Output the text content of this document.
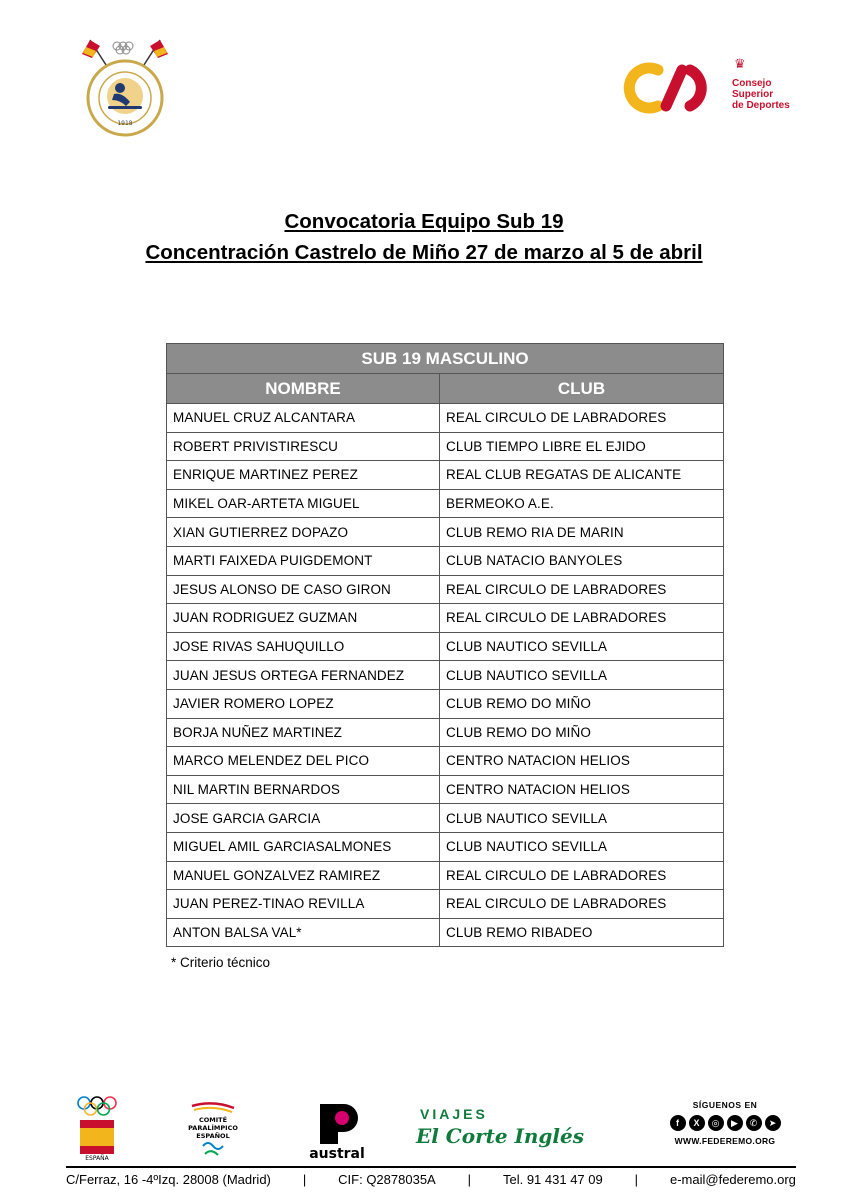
1918
♛
Consejo
Superior
de Deportes
Convocatoria Equipo Sub 19
Concentración Castrelo de Miño 27 de marzo al 5 de abril
SUB 19 MASCULINO	
NOMBRE	CLUB
MANUEL CRUZ ALCANTARA	REAL CIRCULO DE LABRADORES
ROBERT PRIVISTIRESCU	CLUB TIEMPO LIBRE EL EJIDO
ENRIQUE MARTINEZ PEREZ	REAL CLUB REGATAS DE ALICANTE
MIKEL OAR-ARTETA MIGUEL	BERMEOKO A.E.
XIAN GUTIERREZ DOPAZO	CLUB REMO RIA DE MARIN
MARTI FAIXEDA PUIGDEMONT	CLUB NATACIO BANYOLES
JESUS ALONSO DE CASO GIRON	REAL CIRCULO DE LABRADORES
JUAN RODRIGUEZ GUZMAN	REAL CIRCULO DE LABRADORES
JOSE RIVAS SAHUQUILLO	CLUB NAUTICO SEVILLA
JUAN JESUS ORTEGA FERNANDEZ	CLUB NAUTICO SEVILLA
JAVIER ROMERO LOPEZ	CLUB REMO DO MIÑO
BORJA NUÑEZ MARTINEZ	CLUB REMO DO MIÑO
MARCO MELENDEZ DEL PICO	CENTRO NATACION HELIOS
NIL MARTIN BERNARDOS	CENTRO NATACION HELIOS
JOSE GARCIA GARCIA	CLUB NAUTICO SEVILLA
MIGUEL AMIL GARCIASALMONES	CLUB NAUTICO SEVILLA
MANUEL GONZALVEZ RAMIREZ	REAL CIRCULO DE LABRADORES
JUAN PEREZ-TINAO REVILLA	REAL CIRCULO DE LABRADORES
ANTON BALSA VAL*	CLUB REMO RIBADEO
* Criterio técnico
ESPAÑA
COMITÉ
PARALÍMPICO
ESPAÑOL
austral
VIAJES
El Corte Inglés
SÍGUENOS EN
f	X	◎	▶	✆	➤
WWW.FEDEREMO.ORG
C/Ferraz, 16 -4ºIzq. 28008 (Madrid) | CIF: Q2878035A | Tel. 91 431 47 09 | e-mail@federemo.org
